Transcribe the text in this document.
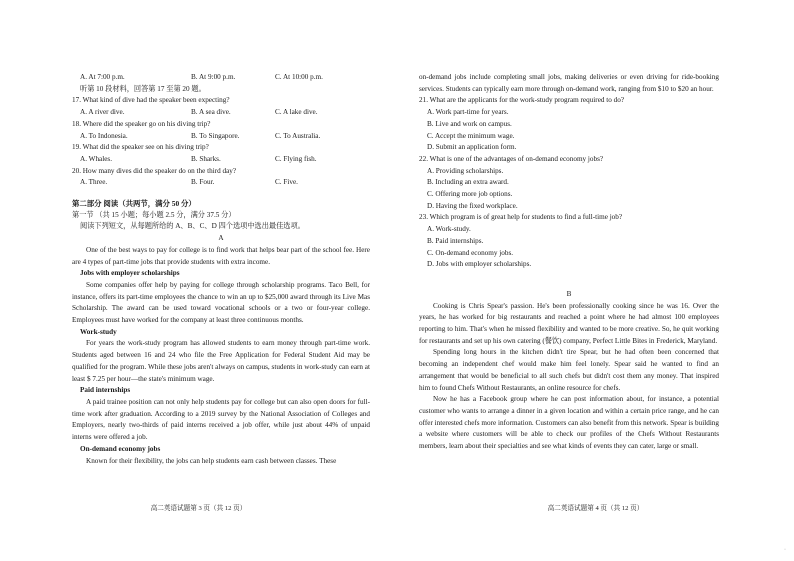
A. At 7:00 p.m.	B. At 9:00 p.m.	C. At 10:00 p.m.
听第 10 段材料，回答第 17 至第 20 题。
17. What kind of dive had the speaker been expecting?
A. A river dive.	B. A sea dive.	C. A lake dive.
18. Where did the speaker go on his diving trip?
A. To Indonesia.	B. To Singapore.	C. To Australia.
19. What did the speaker see on his diving trip?
A. Whales.	B. Sharks.	C. Flying fish.
20. How many dives did the speaker do on the third day?
A. Three.	B. Four.	C. Five.
第二部分 阅读（共两节，满分 50 分）
第一节 （共 15 小题；每小题 2.5 分，满分 37.5 分）
阅读下列短文，从每题所给的 A、B、C、D 四个选项中选出最佳选项。
A
One of the best ways to pay for college is to find work that helps bear part of the school fee. Here are 4 types of part-time jobs that provide students with extra income.
Jobs with employer scholarships
Some companies offer help by paying for college through scholarship programs. Taco Bell, for instance, offers its part-time employees the chance to win an up to $25,000 award through its Live Mas Scholarship. The award can be used toward vocational schools or a two or four-year college. Employees must have worked for the company at least three continuous months.
Work-study
For years the work-study program has allowed students to earn money through part-time work. Students aged between 16 and 24 who file the Free Application for Federal Student Aid may be qualified for the program. While these jobs aren't always on campus, students in work-study can earn at least $ 7.25 per hour—the state's minimum wage.
Paid internships
A paid trainee position can not only help students pay for college but can also open doors for full-time work after graduation. According to a 2019 survey by the National Association of Colleges and Employers, nearly two-thirds of paid interns received a job offer, while just about 44% of unpaid interns were offered a job.
On-demand economy jobs
Known for their flexibility, the jobs can help students earn cash between classes. These
高二英语试题第 3 页（共 12 页）
on-demand jobs include completing small jobs, making deliveries or even driving for ride-booking services. Students can typically earn more through on-demand work, ranging from $10 to $20 an hour.
21. What are the applicants for the work-study program required to do?
A. Work part-time for years.
B. Live and work on campus.
C. Accept the minimum wage.
D. Submit an application form.
22. What is one of the advantages of on-demand economy jobs?
A. Providing scholarships.
B. Including an extra award.
C. Offering more job options.
D. Having the fixed workplace.
23. Which program is of great help for students to find a full-time job?
A. Work-study.
B. Paid internships.
C. On-demand economy jobs.
D. Jobs with employer scholarships.
B
Cooking is Chris Spear's passion. He's been professionally cooking since he was 16. Over the years, he has worked for big restaurants and reached a point where he had almost 100 employees reporting to him. That's when he missed flexibility and wanted to be more creative. So, he quit working for restaurants and set up his own catering (餐饮) company, Perfect Little Bites in Frederick, Maryland.
Spending long hours in the kitchen didn't tire Spear, but he had often been concerned that becoming an independent chef would make him feel lonely. Spear said he wanted to find an arrangement that would be beneficial to all such chefs but didn't cost them any money. That inspired him to found Chefs Without Restaurants, an online resource for chefs.
Now he has a Facebook group where he can post information about, for instance, a potential customer who wants to arrange a dinner in a given location and within a certain price range, and he can offer interested chefs more information. Customers can also benefit from this network. Spear is building a website where customers will be able to check our profiles of the Chefs Without Restaurants members, learn about their specialties and see what kinds of events they can cater, large or small.
高二英语试题第 4 页（共 12 页）
·
